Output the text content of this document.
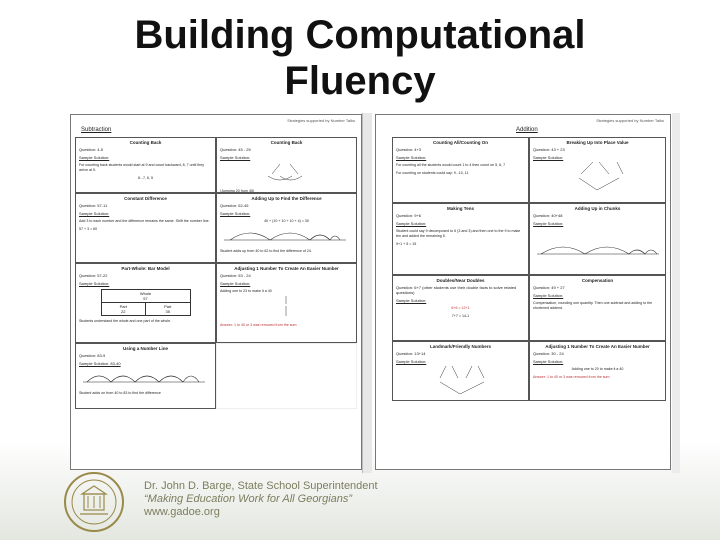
Building Computational
Fluency
Subtraction
Strategies supported by Number Talks
Counting Back
Question: 4-5
Sample Solution:
For counting back students would start at 9 and count backward, 8, 7 until they arrive at 5.
8...7, 6, 5
Counting Back
Question: 45 - 25
Sample Solution:
(Jumping 20 from 45)
Constant Difference
Question: 57-11
Sample Solution:
Add 3 to each number and the difference remains the same. Shift the number line.
57 + 3 = 60
Adding Up to Find the Difference
Question: 62-45
Sample Solution:
40 + (10 + 10 + 10 + 4) = 30
Student adds up from 40 to 62 to find the difference of 24.
Part-Whole: Bar Model
Question: 57-22
Sample Solution:
Whole
57
Part
22
Part
35
Students understand the whole and one part of the whole.
Adjusting 1 Number To Create An Easier Number
Question: 53 - 24
Sample Solution:
Adding one to 23 to make it a 40
Answer: 1 to 40 or 3 was removed from the sum
Using a Number Line
Question: 83-9
Sample Solution: 83-40
Student adds on from 40 to 83 to find the difference
Addition
Strategies supported by Number Talks
Counting All/Counting On
Question: 4+3
Sample Solution:
For counting all the students would count 1 to 4 then count on 5, 6, 7
For counting on students could say: 9...10, 11
Breaking Up Into Place Value
Question: 43 + 23
Sample Solution:
Making Tens
Question: 9+6
Sample Solution:
Student could say 9 decomposed to 6 (3 and 3) and then one to the 9 to make ten and added the remaining 5.
9+1 + 5 = 15
Adding Up in Chunks
Question: 40+48
Sample Solution:
Doubles/Near Doubles
Question: 6+7 (other students use their double facts to solve related questions)
Sample Solution:
6+6 = 12+1
7+7 = 14-1
Compensation
Question: 49 + 27
Sample Solution:
Compensation, rounding one quantity. Then one subtract and adding to the shortened addend.
Landmark/Friendly Numbers
Question: 13+14
Sample Solution:
Adjusting 1 Number To Create An Easier Number
Question: 30 - 24
Sample Solution:
Adding one to 20 to make it a 40
Answer: 1 to 40 or 3 was removed from the sum
Dr. John D. Barge, State School Superintendent
“Making Education Work for All Georgians”
www.gadoe.org
